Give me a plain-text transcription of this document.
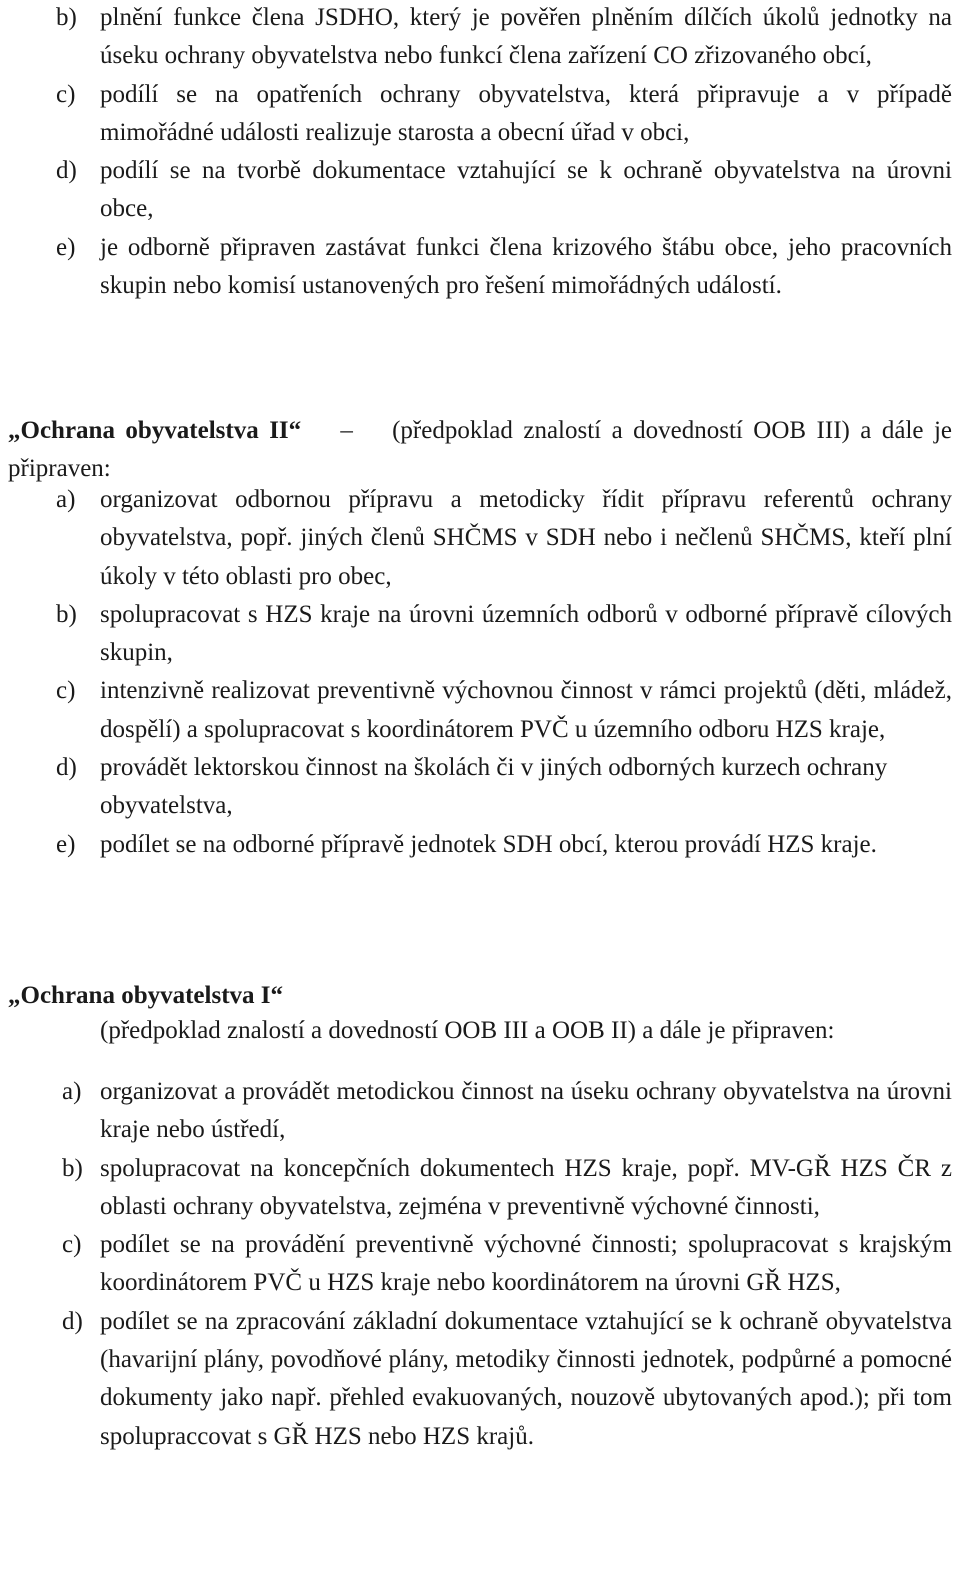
b) plnění funkce člena JSDHO, který je pověřen plněním dílčích úkolů jednotky na úseku ochrany obyvatelstva nebo funkcí člena zařízení CO zřizovaného obcí,
c) podílí se na opatřeních ochrany obyvatelstva, která připravuje a v případě mimořádné události realizuje starosta a obecní úřad v obci,
d) podílí se na tvorbě dokumentace vztahující se k ochraně obyvatelstva na úrovni obce,
e) je odborně připraven zastávat funkci člena krizového štábu obce, jeho pracovních skupin nebo komisí ustanovených pro řešení mimořádných událostí.

„Ochrana obyvatelstva II“ – (předpoklad znalostí a dovedností OOB III) a dále je připraven:

a) organizovat odbornou přípravu a metodicky řídit přípravu referentů ochrany obyvatelstva, popř. jiných členů SHČMS v SDH nebo i nečlenů SHČMS, kteří plní úkoly v této oblasti pro obec,
b) spolupracovat s HZS kraje na úrovni územních odborů v odborné přípravě cílových skupin,
c) intenzivně realizovat preventivně výchovnou činnost v rámci projektů (děti, mládež, dospělí) a spolupracovat s koordinátorem PVČ u územního odboru HZS kraje,
d) provádět lektorskou činnost na školách či v jiných odborných kurzech ochrany obyvatelstva,
e) podílet se na odborné přípravě jednotek SDH obcí, kterou provádí HZS kraje.

„Ochrana obyvatelstva I“

(předpoklad znalostí a dovedností OOB III a OOB II) a dále je připraven:

a) organizovat a provádět metodickou činnost na úseku ochrany obyvatelstva na úrovni kraje nebo ústředí,
b) spolupracovat na koncepčních dokumentech HZS kraje, popř. MV-GŘ HZS ČR z oblasti ochrany obyvatelstva, zejména v preventivně výchovné činnosti,
c) podílet se na provádění preventivně výchovné činnosti; spolupracovat s krajským koordinátorem PVČ u HZS kraje nebo koordinátorem na úrovni GŘ HZS,
d) podílet se na zpracování základní dokumentace vztahující se k ochraně obyvatelstva (havarijní plány, povodňové plány, metodiky činnosti jednotek, podpůrné a pomocné dokumenty jako např. přehled evakuovaných, nouzově ubytovaných apod.); při tom spolupraccovat s GŘ HZS nebo HZS krajů.
